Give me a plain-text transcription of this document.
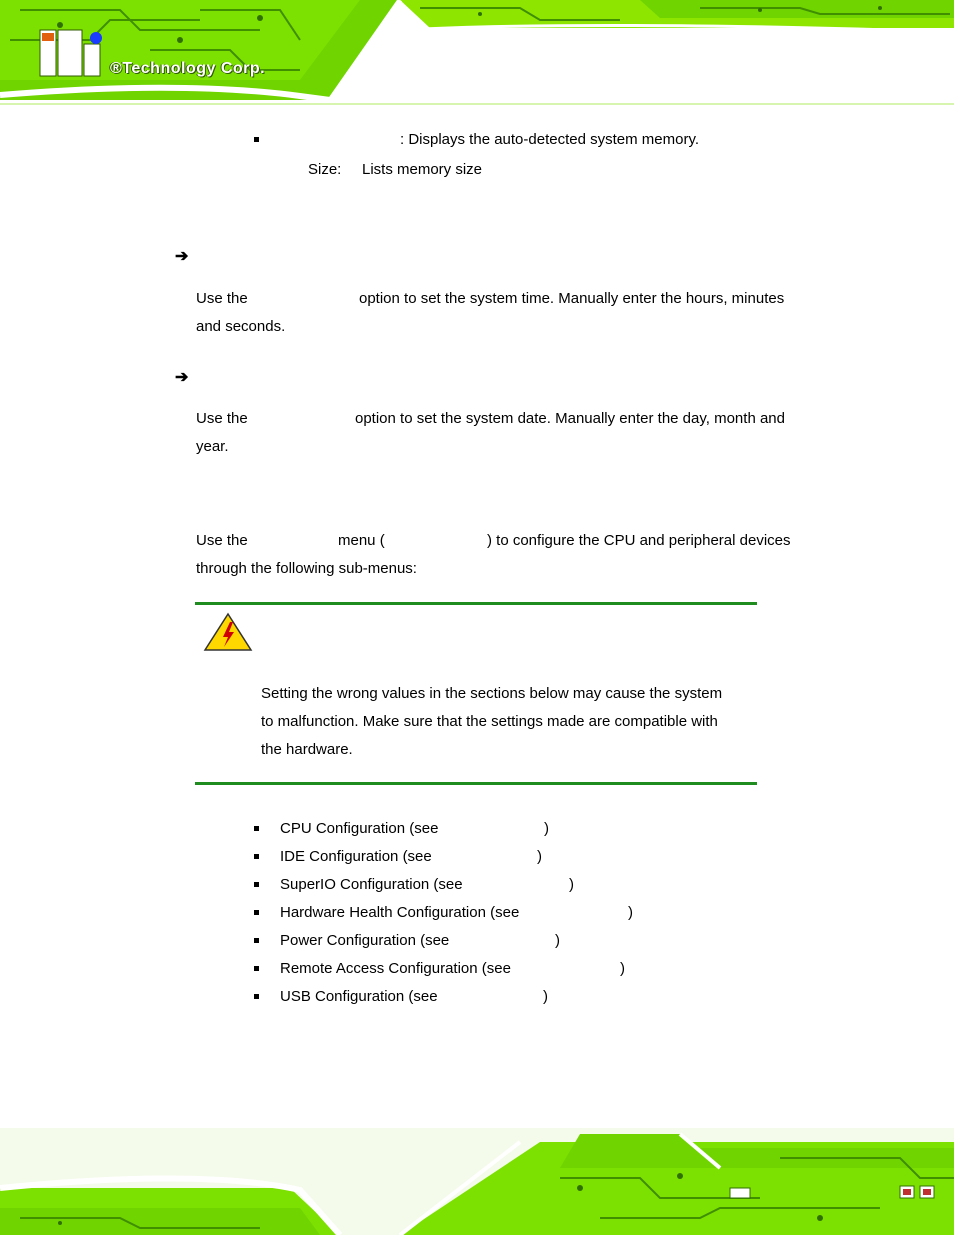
®Technology Corp.
: Displays the auto-detected system memory.
Size: Lists memory size
➔
Use the	option to set the system time. Manually enter the hours, minutes
and seconds.
➔
Use the	option to set the system date. Manually enter the day, month and
year.
Use the	menu (	) to configure the CPU and peripheral devices
through the following sub-menus:
Setting the wrong values in the sections below may cause the system
to malfunction. Make sure that the settings made are compatible with
the hardware.
CPU Configuration (see	)
IDE Configuration (see	)
SuperIO Configuration (see	)
Hardware Health Configuration (see	)
Power Configuration (see	)
Remote Access Configuration (see	)
USB Configuration (see	)
